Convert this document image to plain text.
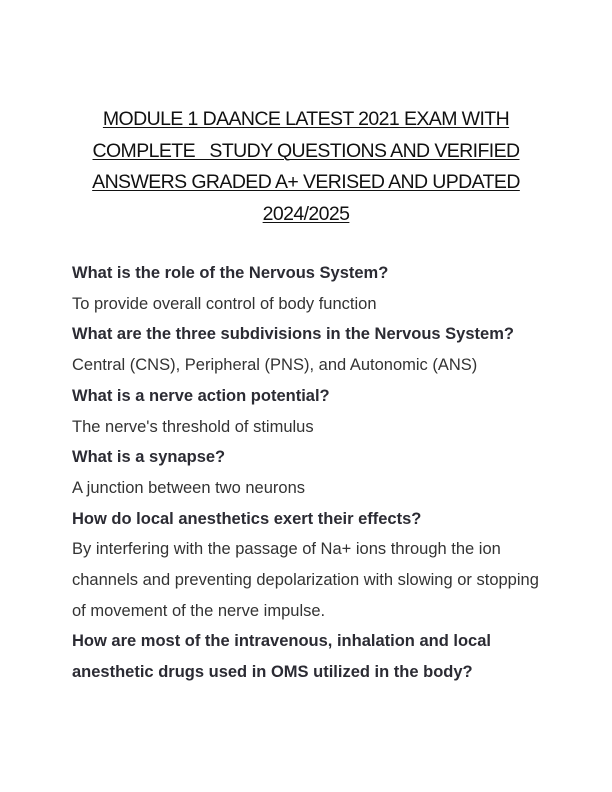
MODULE 1 DAANCE LATEST 2021 EXAM WITH
COMPLETE   STUDY QUESTIONS AND VERIFIED
ANSWERS GRADED A+ VERISED AND UPDATED
2024/2025
What is the role of the Nervous System?
To provide overall control of body function
What are the three subdivisions in the Nervous System?
Central (CNS), Peripheral (PNS), and Autonomic (ANS)
What is a nerve action potential?
The nerve's threshold of stimulus
What is a synapse?
A junction between two neurons
How do local anesthetics exert their effects?
By interfering with the passage of Na+ ions through the ion channels and preventing depolarization with slowing or stopping of movement of the nerve impulse.
How are most of the intravenous, inhalation and local anesthetic drugs used in OMS utilized in the body?
